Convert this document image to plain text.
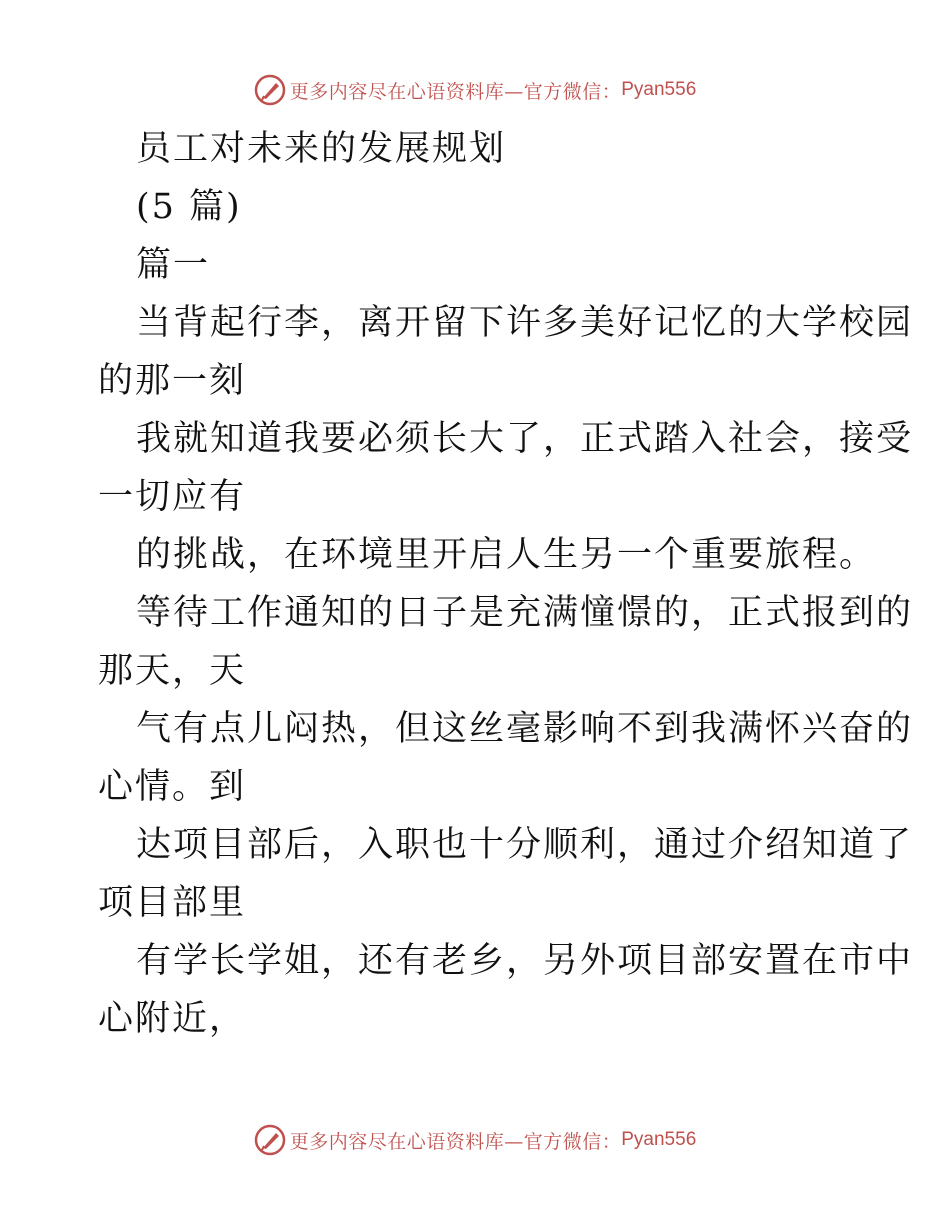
更多内容尽在心语资料库—官方微信： Pyan556
员工对未来的发展规划
(5 篇)
篇一
当背起行李，离开留下许多美好记忆的大学校园
的那一刻
我就知道我要必须长大了，正式踏入社会，接受
一切应有
的挑战，在环境里开启人生另一个重要旅程。
等待工作通知的日子是充满憧憬的，正式报到的
那天，天
气有点儿闷热，但这丝毫影响不到我满怀兴奋的
心情。到
达项目部后，入职也十分顺利，通过介绍知道了
项目部里
有学长学姐，还有老乡，另外项目部安置在市中
心附近，
更多内容尽在心语资料库—官方微信： Pyan556
